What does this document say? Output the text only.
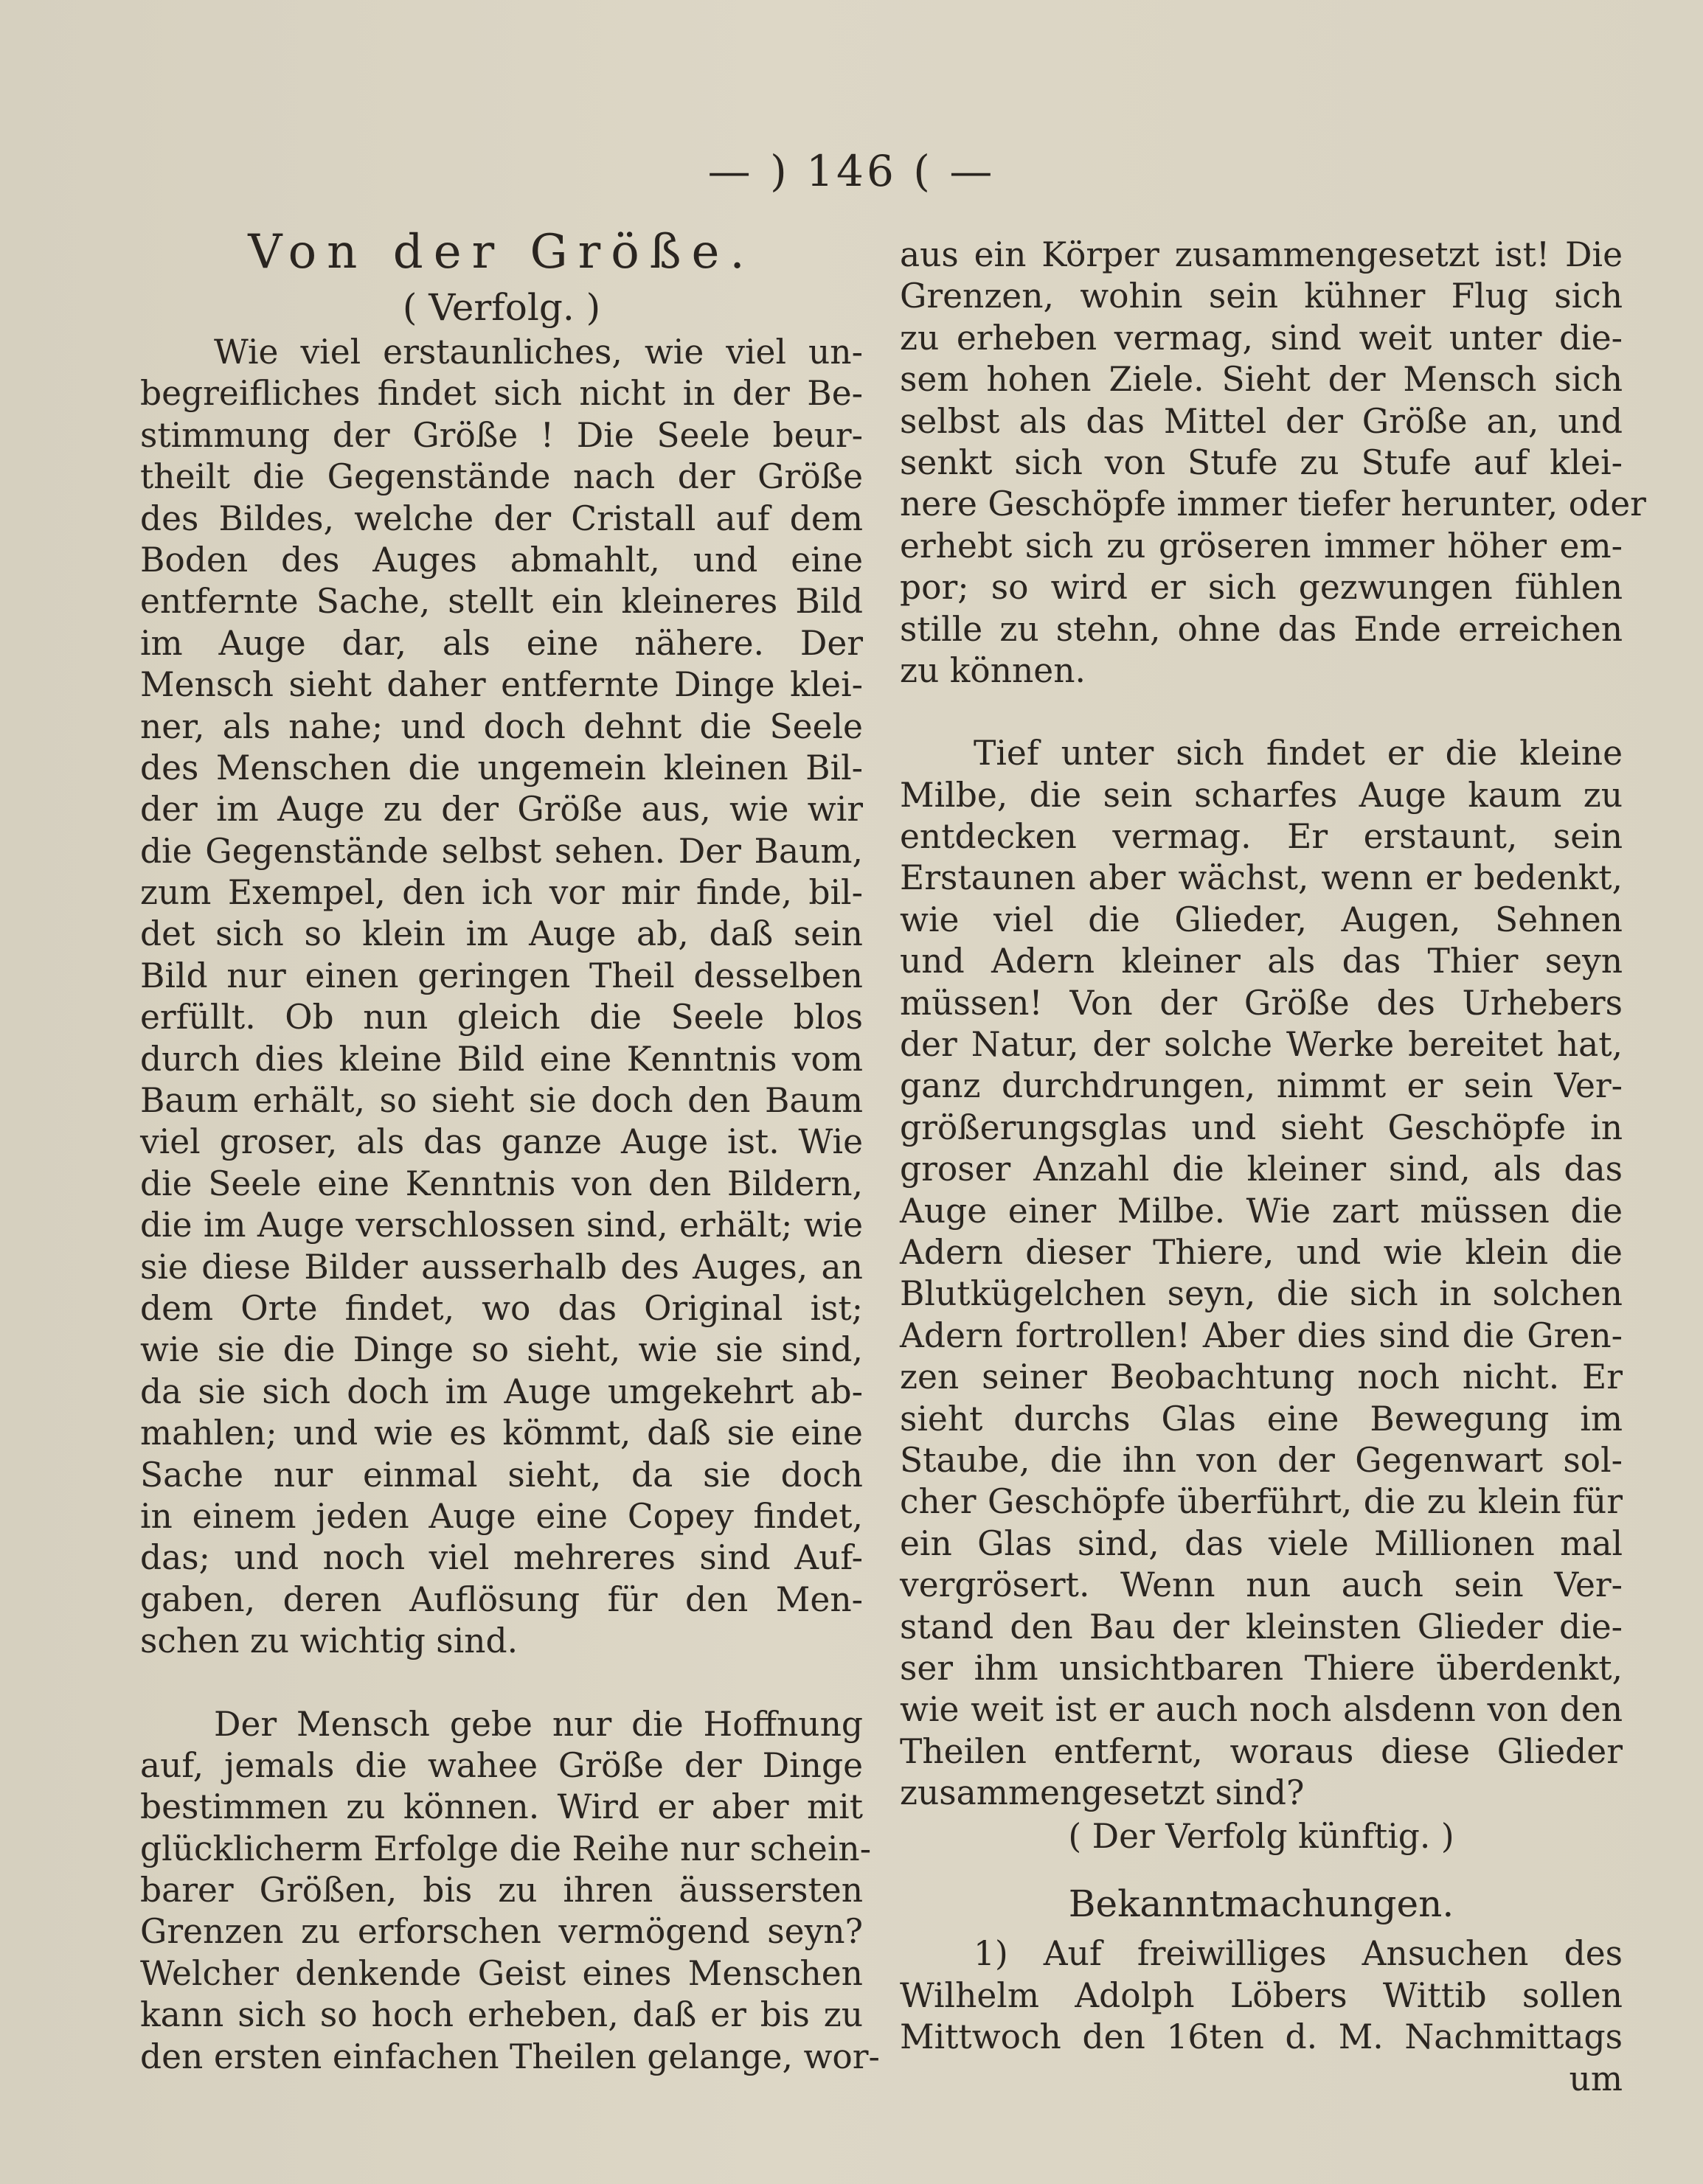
— ) 146 ( —
Von der Größe.
( Verfolg. )
Wie viel erstaunliches, wie viel un-
begreifliches findet sich nicht in der Be-
stimmung der Größe ! Die Seele beur-
theilt die Gegenstände nach der Größe
des Bildes, welche der Cristall auf dem
Boden des Auges abmahlt, und eine
entfernte Sache, stellt ein kleineres Bild
im Auge dar, als eine nähere. Der
Mensch sieht daher entfernte Dinge klei-
ner, als nahe; und doch dehnt die Seele
des Menschen die ungemein kleinen Bil-
der im Auge zu der Größe aus, wie wir
die Gegenstände selbst sehen. Der Baum,
zum Exempel, den ich vor mir finde, bil-
det sich so klein im Auge ab, daß sein
Bild nur einen geringen Theil desselben
erfüllt. Ob nun gleich die Seele blos
durch dies kleine Bild eine Kenntnis vom
Baum erhält, so sieht sie doch den Baum
viel groser, als das ganze Auge ist. Wie
die Seele eine Kenntnis von den Bildern,
die im Auge verschlossen sind, erhält; wie
sie diese Bilder ausserhalb des Auges, an
dem Orte findet, wo das Original ist;
wie sie die Dinge so sieht, wie sie sind,
da sie sich doch im Auge umgekehrt ab-
mahlen; und wie es kömmt, daß sie eine
Sache nur einmal sieht, da sie doch
in einem jeden Auge eine Copey findet,
das; und noch viel mehreres sind Auf-
gaben, deren Auflösung für den Men-
schen zu wichtig sind.
Der Mensch gebe nur die Hoffnung
auf, jemals die wahee Größe der Dinge
bestimmen zu können. Wird er aber mit
glücklicherm Erfolge die Reihe nur schein-
barer Größen, bis zu ihren äussersten
Grenzen zu erforschen vermögend seyn?
Welcher denkende Geist eines Menschen
kann sich so hoch erheben, daß er bis zu
den ersten einfachen Theilen gelange, wor-
aus ein Körper zusammengesetzt ist! Die
Grenzen, wohin sein kühner Flug sich
zu erheben vermag, sind weit unter die-
sem hohen Ziele. Sieht der Mensch sich
selbst als das Mittel der Größe an, und
senkt sich von Stufe zu Stufe auf klei-
nere Geschöpfe immer tiefer herunter, oder
erhebt sich zu gröseren immer höher em-
por; so wird er sich gezwungen fühlen
stille zu stehn, ohne das Ende erreichen
zu können.
Tief unter sich findet er die kleine
Milbe, die sein scharfes Auge kaum zu
entdecken vermag. Er erstaunt, sein
Erstaunen aber wächst, wenn er bedenkt,
wie viel die Glieder, Augen, Sehnen
und Adern kleiner als das Thier seyn
müssen! Von der Größe des Urhebers
der Natur, der solche Werke bereitet hat,
ganz durchdrungen, nimmt er sein Ver-
größerungsglas und sieht Geschöpfe in
groser Anzahl die kleiner sind, als das
Auge einer Milbe. Wie zart müssen die
Adern dieser Thiere, und wie klein die
Blutkügelchen seyn, die sich in solchen
Adern fortrollen! Aber dies sind die Gren-
zen seiner Beobachtung noch nicht. Er
sieht durchs Glas eine Bewegung im
Staube, die ihn von der Gegenwart sol-
cher Geschöpfe überführt, die zu klein für
ein Glas sind, das viele Millionen mal
vergrösert. Wenn nun auch sein Ver-
stand den Bau der kleinsten Glieder die-
ser ihm unsichtbaren Thiere überdenkt,
wie weit ist er auch noch alsdenn von den
Theilen entfernt, woraus diese Glieder
zusammengesetzt sind?
( Der Verfolg künftig. )
Bekanntmachungen.
1) Auf freiwilliges Ansuchen des
Wilhelm Adolph Löbers Wittib sollen
Mittwoch den 16ten d. M. Nachmittags
um
